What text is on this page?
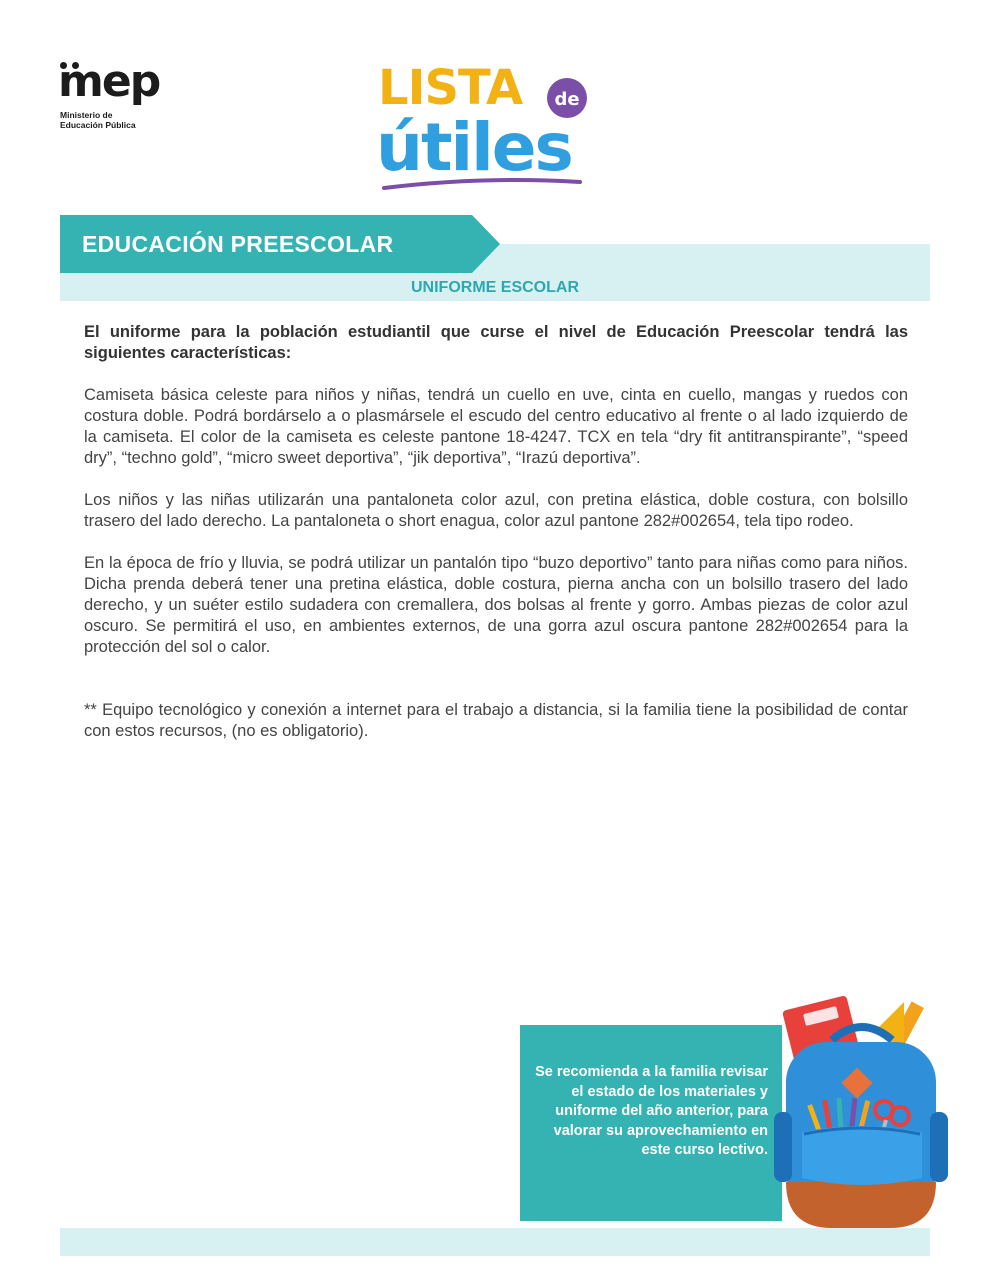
mep
Ministerio de
Educación Pública
LISTA de
útiles
EDUCACIÓN PREESCOLAR
UNIFORME ESCOLAR

El uniforme para la población estudiantil que curse el nivel de Educación Preescolar tendrá las siguientes características:

Camiseta básica celeste para niños y niñas, tendrá un cuello en uve, cinta en cuello, mangas y ruedos con costura doble. Podrá bordárselo a o plasmársele el escudo del centro educativo al frente o al lado izquierdo de la camiseta. El color de la camiseta es celeste pantone 18-4247. TCX en tela “dry fit antitranspirante”, “speed dry”, “techno gold”, “micro sweet deportiva”, “jik deportiva”, “Irazú deportiva”.

Los niños y las niñas utilizarán una pantaloneta color azul, con pretina elástica, doble costura, con bolsillo trasero del lado derecho. La pantaloneta o short enagua, color azul pantone 282#002654, tela tipo rodeo.

En la época de frío y lluvia, se podrá utilizar un pantalón tipo “buzo deportivo” tanto para niñas como para niños. Dicha prenda deberá tener una pretina elástica, doble costura, pierna ancha con un bolsillo trasero del lado derecho, y un suéter estilo sudadera con cremallera, dos bolsas al frente y gorro. Ambas piezas de color azul oscuro. Se permitirá el uso, en ambientes externos, de una gorra azul oscura pantone 282#002654 para la protección del sol o calor.

** Equipo tecnológico y conexión a internet para el trabajo a distancia, si la familia tiene la posibilidad de contar con estos recursos, (no es obligatorio).

Se recomienda a la familia revisar el estado de los materiales y uniforme del año anterior, para valorar su aprovechamiento en este curso lectivo.
